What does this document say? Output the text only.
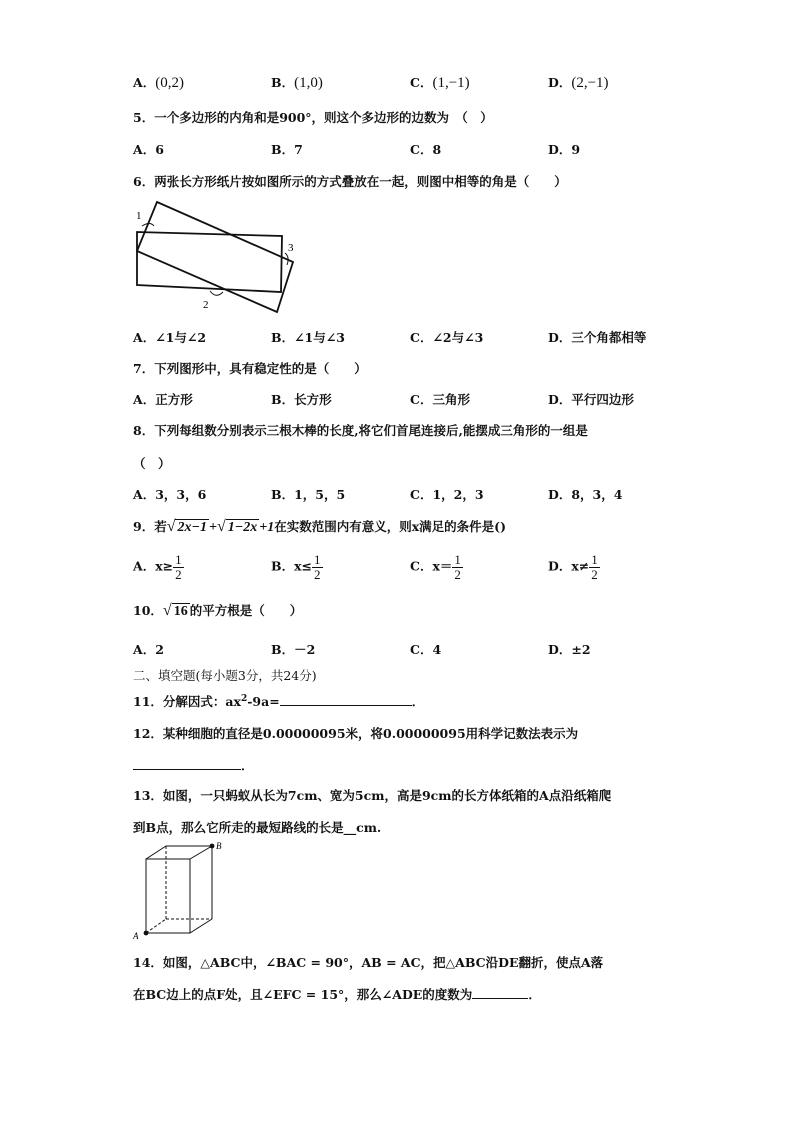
A．(0,2)	B．(1,0)	C．(1,−1)	D．(2,−1)
5．一个多边形的内角和是900°，则这个多边形的边数为　（　）
A．6	B．7	C．8	D．9
6．两张长方形纸片按如图所示的方式叠放在一起，则图中相等的角是（　　）
1
2
3
A．∠1与∠2	B．∠1与∠3	C．∠2与∠3	D．三个角都相等
7．下列图形中，具有稳定性的是（　　）
A．正方形	B．长方形	C．三角形	D．平行四边形
8．下列每组数分别表示三根木棒的长度,将它们首尾连接后,能摆成三角形的一组是
（　）
A．3，3，6	B．1，5，5	C．1，2，3	D．8，3，4
9．若√ 2x−1 +√ 1−2x +1在实数范围内有意义，则x满足的条件是()
A．$x\ge \frac{1}{2}$	B．$x\le \frac{1}{2}$	C．$x= \frac{1}{2}$	D．$x\ne \frac{1}{2}$
10．√ 16 的平方根是（　　）
A．2	B．－2	C．4	D．±2
二、填空题(每小题3分，共24分)
11．分解因式：$ax^2-9a=$	．
12．某种细胞的直径是0.00000095米，将0.00000095用科学记数法表示为
．
13．如图，一只蚂蚁从长为7cm、宽为5cm，高是9cm的长方体纸箱的A点沿纸箱爬
到B点，那么它所走的最短路线的长是__cm.
A
B
14．如图，△ABC中，∠BAC = 90°，AB = AC，把△ABC沿DE翻折，使点A落
在BC边上的点F处，且∠EFC = 15°，那么∠ADE的度数为	．
